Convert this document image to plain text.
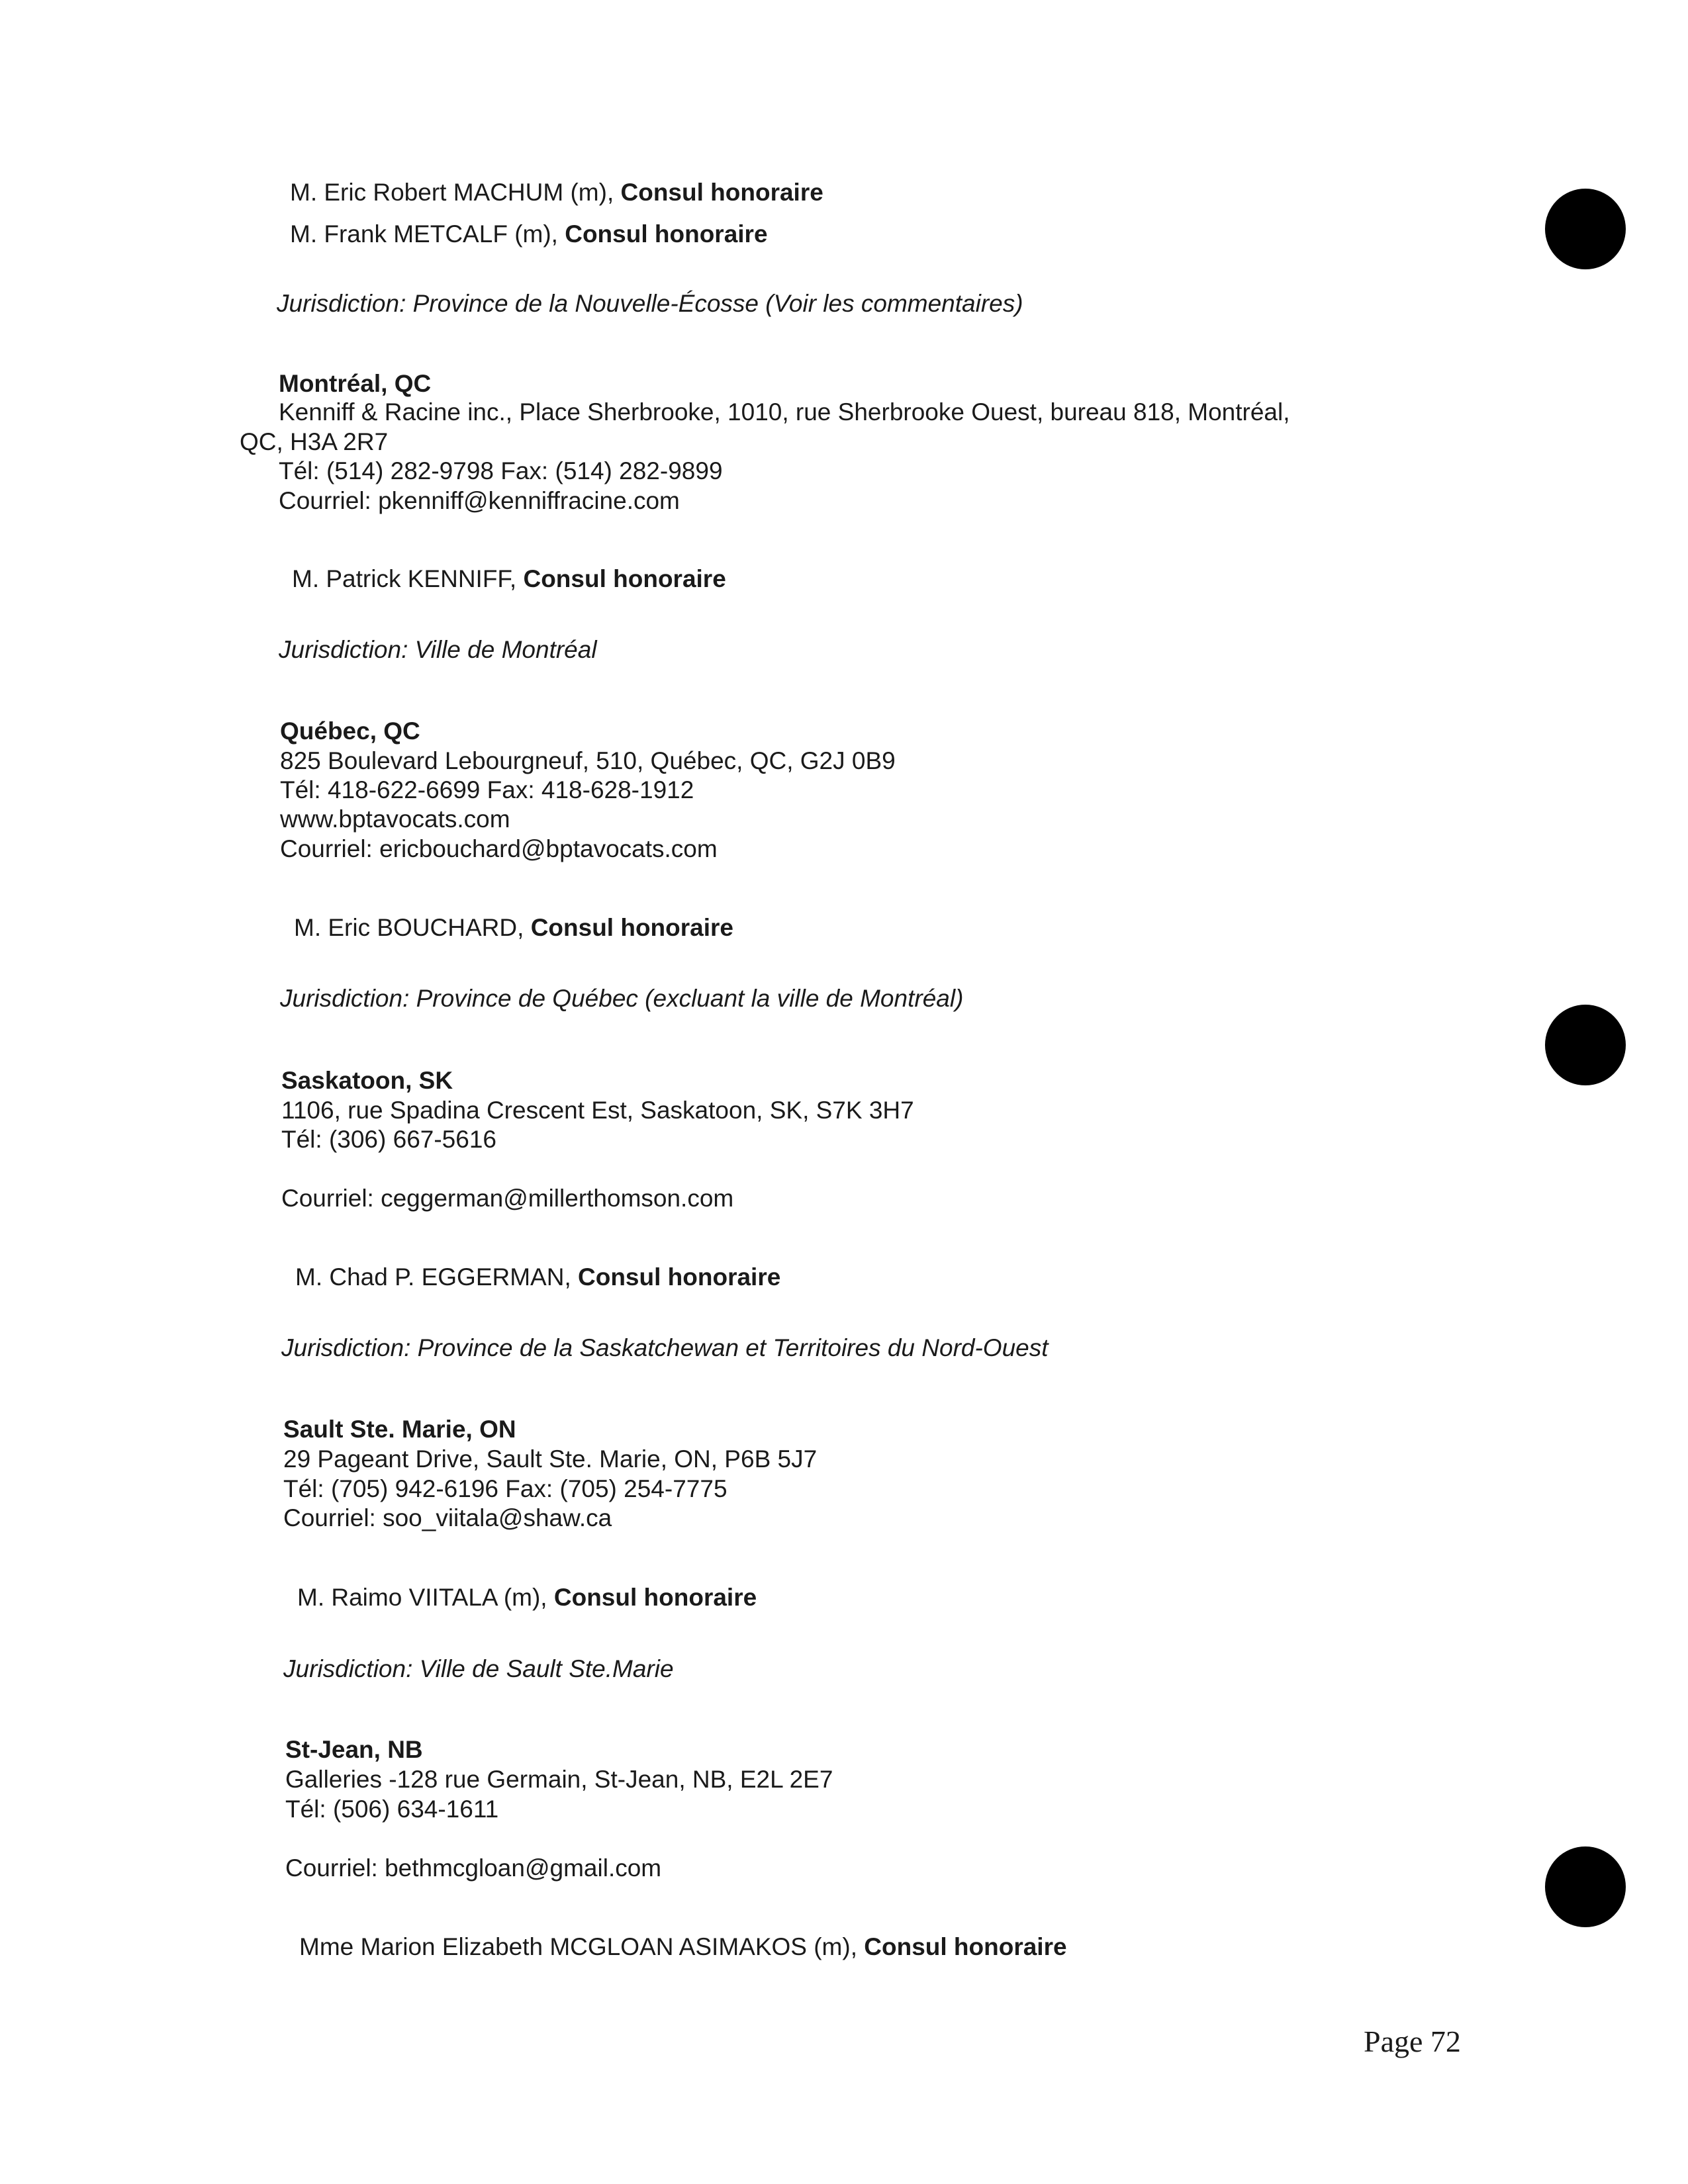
M. Eric Robert MACHUM (m), Consul honoraire
M. Frank METCALF (m), Consul honoraire
Jurisdiction: Province de la Nouvelle-Écosse (Voir les commentaires)
Montréal, QC
Kenniff & Racine inc., Place Sherbrooke, 1010, rue Sherbrooke Ouest, bureau 818, Montréal,
QC, H3A 2R7
Tél: (514) 282-9798 Fax: (514) 282-9899
Courriel: pkenniff@kenniffracine.com
M. Patrick KENNIFF, Consul honoraire
Jurisdiction: Ville de Montréal
Québec, QC
825 Boulevard Lebourgneuf, 510, Québec, QC, G2J 0B9
Tél: 418-622-6699 Fax: 418-628-1912
www.bptavocats.com
Courriel: ericbouchard@bptavocats.com
M. Eric BOUCHARD, Consul honoraire
Jurisdiction: Province de Québec (excluant la ville de Montréal)
Saskatoon, SK
1106, rue Spadina Crescent Est, Saskatoon, SK, S7K 3H7
Tél: (306) 667-5616
Courriel: ceggerman@millerthomson.com
M. Chad P. EGGERMAN, Consul honoraire
Jurisdiction: Province de la Saskatchewan et Territoires du Nord-Ouest
Sault Ste. Marie, ON
29 Pageant Drive, Sault Ste. Marie, ON, P6B 5J7
Tél: (705) 942-6196 Fax: (705) 254-7775
Courriel: soo_viitala@shaw.ca
M. Raimo VIITALA (m), Consul honoraire
Jurisdiction: Ville de Sault Ste.Marie
St-Jean, NB
Galleries -128 rue Germain, St-Jean, NB, E2L 2E7
Tél: (506) 634-1611
Courriel: bethmcgloan@gmail.com
Mme Marion Elizabeth MCGLOAN ASIMAKOS (m), Consul honoraire
Page 72
